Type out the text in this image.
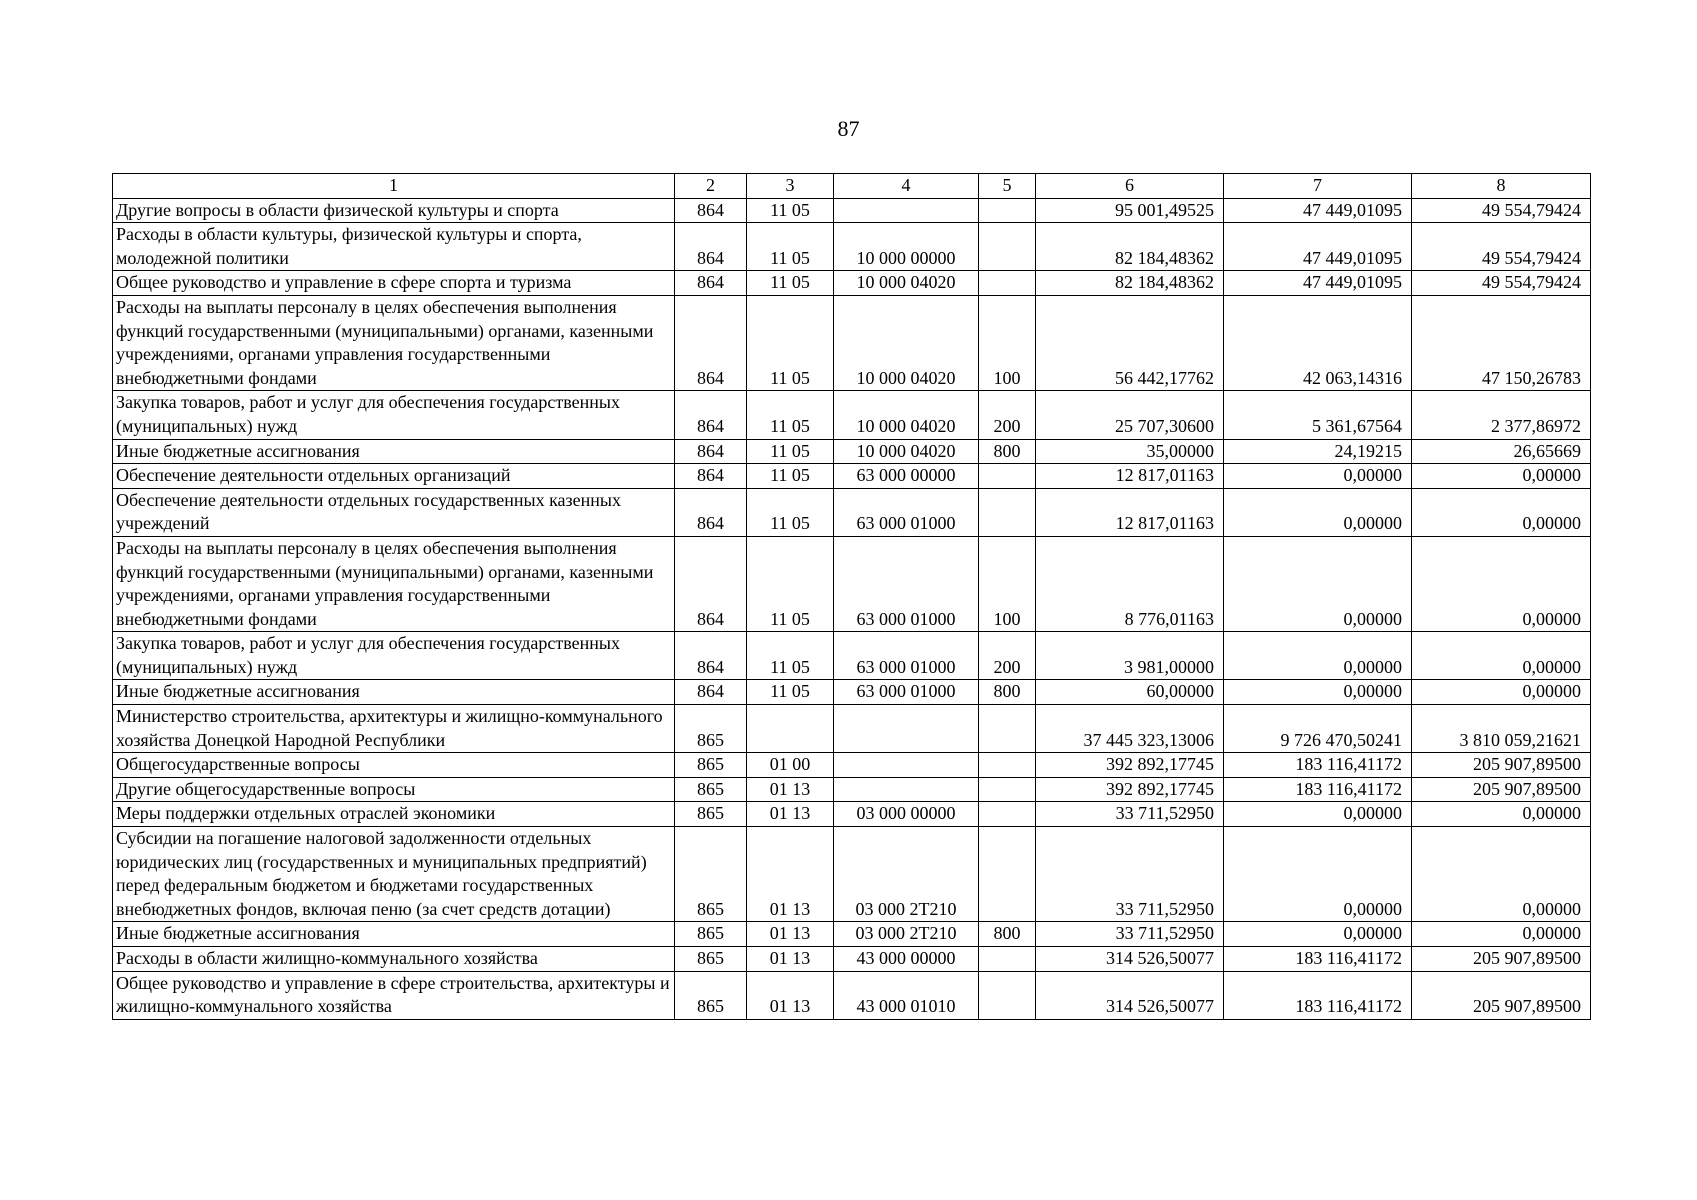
87
1	2	3	4	5	6	7	8
Другие вопросы в области физической культуры и спорта	864	11 05			95 001,49525	47 449,01095	49 554,79424
Расходы в области культуры, физической культуры и спорта, молодежной политики	864	11 05	10 000 00000		82 184,48362	47 449,01095	49 554,79424
Общее руководство и управление в сфере спорта и туризма	864	11 05	10 000 04020		82 184,48362	47 449,01095	49 554,79424
Расходы на выплаты персоналу в целях обеспечения выполнения функций государственными (муниципальными) органами, казенными учреждениями, органами управления государственными внебюджетными фондами	864	11 05	10 000 04020	100	56 442,17762	42 063,14316	47 150,26783
Закупка товаров, работ и услуг для обеспечения государственных (муниципальных) нужд	864	11 05	10 000 04020	200	25 707,30600	5 361,67564	2 377,86972
Иные бюджетные ассигнования	864	11 05	10 000 04020	800	35,00000	24,19215	26,65669
Обеспечение деятельности отдельных организаций	864	11 05	63 000 00000		12 817,01163	0,00000	0,00000
Обеспечение деятельности отдельных государственных казенных учреждений	864	11 05	63 000 01000		12 817,01163	0,00000	0,00000
Расходы на выплаты персоналу в целях обеспечения выполнения функций государственными (муниципальными) органами, казенными учреждениями, органами управления государственными внебюджетными фондами	864	11 05	63 000 01000	100	8 776,01163	0,00000	0,00000
Закупка товаров, работ и услуг для обеспечения государственных (муниципальных) нужд	864	11 05	63 000 01000	200	3 981,00000	0,00000	0,00000
Иные бюджетные ассигнования	864	11 05	63 000 01000	800	60,00000	0,00000	0,00000
Министерство строительства, архитектуры и жилищно-коммунального хозяйства Донецкой Народной Республики	865				37 445 323,13006	9 726 470,50241	3 810 059,21621
Общегосударственные вопросы	865	01 00			392 892,17745	183 116,41172	205 907,89500
Другие общегосударственные вопросы	865	01 13			392 892,17745	183 116,41172	205 907,89500
Меры поддержки отдельных отраслей экономики	865	01 13	03 000 00000		33 711,52950	0,00000	0,00000
Субсидии на погашение налоговой задолженности отдельных юридических лиц (государственных и муниципальных предприятий) перед федеральным бюджетом и бюджетами государственных внебюджетных фондов, включая пеню (за счет средств дотации)	865	01 13	03 000 2Т210		33 711,52950	0,00000	0,00000
Иные бюджетные ассигнования	865	01 13	03 000 2Т210	800	33 711,52950	0,00000	0,00000
Расходы в области жилищно-коммунального хозяйства	865	01 13	43 000 00000		314 526,50077	183 116,41172	205 907,89500
Общее руководство и управление в сфере строительства, архитектуры и жилищно-коммунального хозяйства	865	01 13	43 000 01010		314 526,50077	183 116,41172	205 907,89500
